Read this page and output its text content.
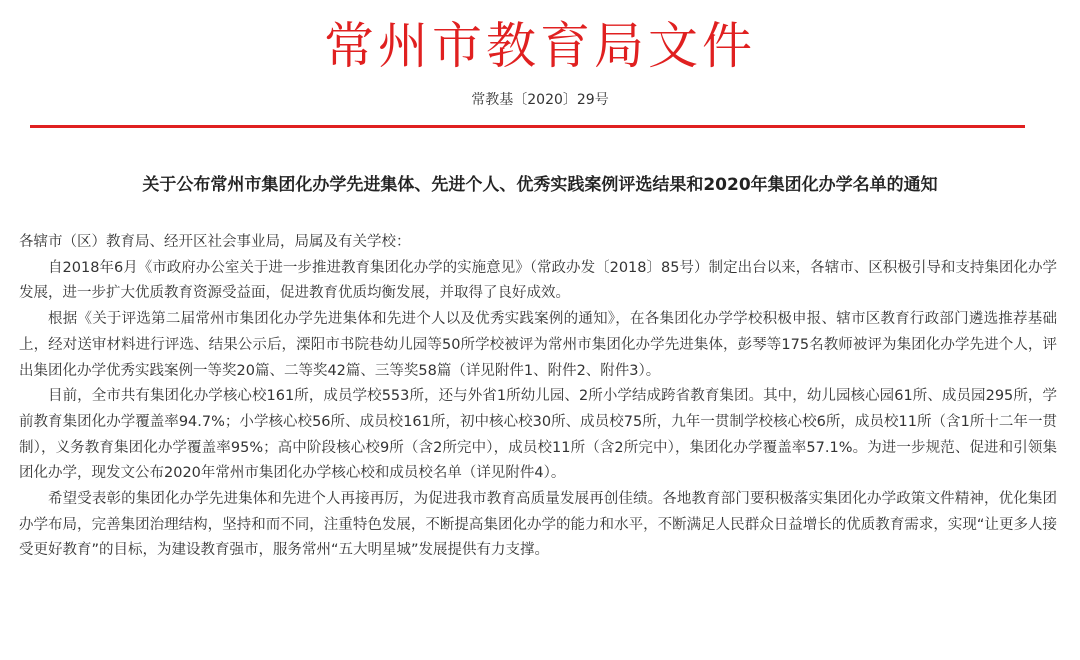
常州市教育局文件
常教基〔2020〕29号
关于公布常州市集团化办学先进集体、先进个人、优秀实践案例评选结果和2020年集团化办学名单的通知

各辖市（区）教育局、经开区社会事业局，局属及有关学校：

自2018年6月《市政府办公室关于进一步推进教育集团化办学的实施意见》（常政办发〔2018〕85号）制定出台以来，各辖市、区积极引导和支持集团化办学发展，进一步扩大优质教育资源受益面，促进教育优质均衡发展，并取得了良好成效。

根据《关于评选第二届常州市集团化办学先进集体和先进个人以及优秀实践案例的通知》，在各集团化办学学校积极申报、辖市区教育行政部门遴选推荐基础上，经对送审材料进行评选、结果公示后，溧阳市书院巷幼儿园等50所学校被评为常州市集团化办学先进集体，彭琴等175名教师被评为集团化办学先进个人，评出集团化办学优秀实践案例一等奖20篇、二等奖42篇、三等奖58篇（详见附件1、附件2、附件3）。

目前，全市共有集团化办学核心校161所，成员学校553所，还与外省1所幼儿园、2所小学结成跨省教育集团。其中，幼儿园核心园61所、成员园295所，学前教育集团化办学覆盖率94.7%；小学核心校56所、成员校161所，初中核心校30所、成员校75所，九年一贯制学校核心校6所，成员校11所（含1所十二年一贯制），义务教育集团化办学覆盖率95%；高中阶段核心校9所（含2所完中），成员校11所（含2所完中），集团化办学覆盖率57.1%。为进一步规范、促进和引领集团化办学，现发文公布2020年常州市集团化办学核心校和成员校名单（详见附件4）。

希望受表彰的集团化办学先进集体和先进个人再接再厉，为促进我市教育高质量发展再创佳绩。各地教育部门要积极落实集团化办学政策文件精神，优化集团办学布局，完善集团治理结构，坚持和而不同，注重特色发展，不断提高集团化办学的能力和水平，不断满足人民群众日益增长的优质教育需求，实现“让更多人接受更好教育”的目标，为建设教育强市，服务常州“五大明星城”发展提供有力支撑。
